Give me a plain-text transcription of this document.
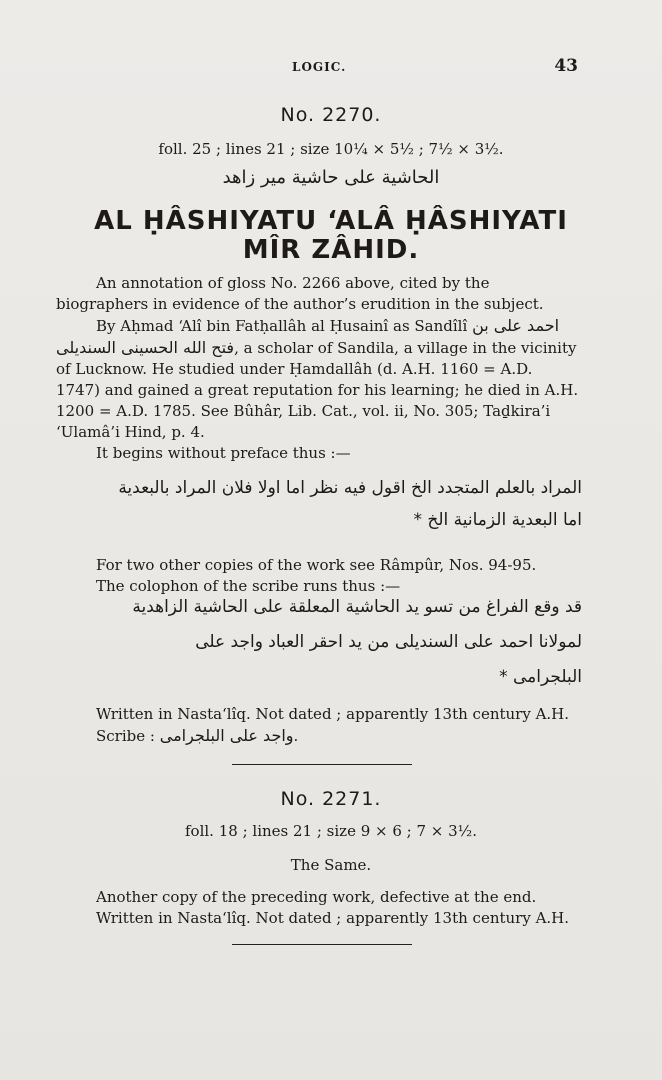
LOGIC.	43
No. 2270.
foll. 25 ; lines 21 ; size 10¼ × 5½ ; 7½ × 3½.
الحاشية على حاشية مير زاهد
AL ḤÂSHIYATU ‘ALÂ ḤÂSHIYATI
MÎR ZÂHID.

An annotation of gloss No. 2266 above, cited by the biographers in evidence of the author’s erudition in the subject.

By Aḥmad ‘Alî bin Fatḥallâh al Ḥusainî as Sandîlî احمد علی بن فتح الله الحسینی السندیلی, a scholar of Sandila, a village in the vicinity of Lucknow. He studied under Ḥamdallâh (d. A.H. 1160 = A.D. 1747) and gained a great reputation for his learning; he died in A.H. 1200 = A.D. 1785. See Bûhâr, Lib. Cat., vol. ii, No. 305; Taḏkira’i ‘Ulamâ’i Hind, p. 4.

It begins without preface thus :—

المراد بالعلم المتجدد الخ اقول فيه نظر اما اولا فلان المراد بالبعدية
اما البعدية الزمانية الخ *

For two other copies of the work see Râmpûr, Nos. 94-95.

The colophon of the scribe runs thus :—

قد وقع الفراغ من تسو يد الحاشية المعلقة على الحاشية الزاهدية
لمولانا احمد على السنديلى من يد احقر العباد واجد على
البلجرامى *

Written in Nasta‘lîq. Not dated ; apparently 13th century A.H.

Scribe : واجد على البلجرامى.

No. 2271.
foll. 18 ; lines 21 ; size 9 × 6 ; 7 × 3½.
The Same.

Another copy of the preceding work, defective at the end.

Written in Nasta‘lîq. Not dated ; apparently 13th century A.H.
